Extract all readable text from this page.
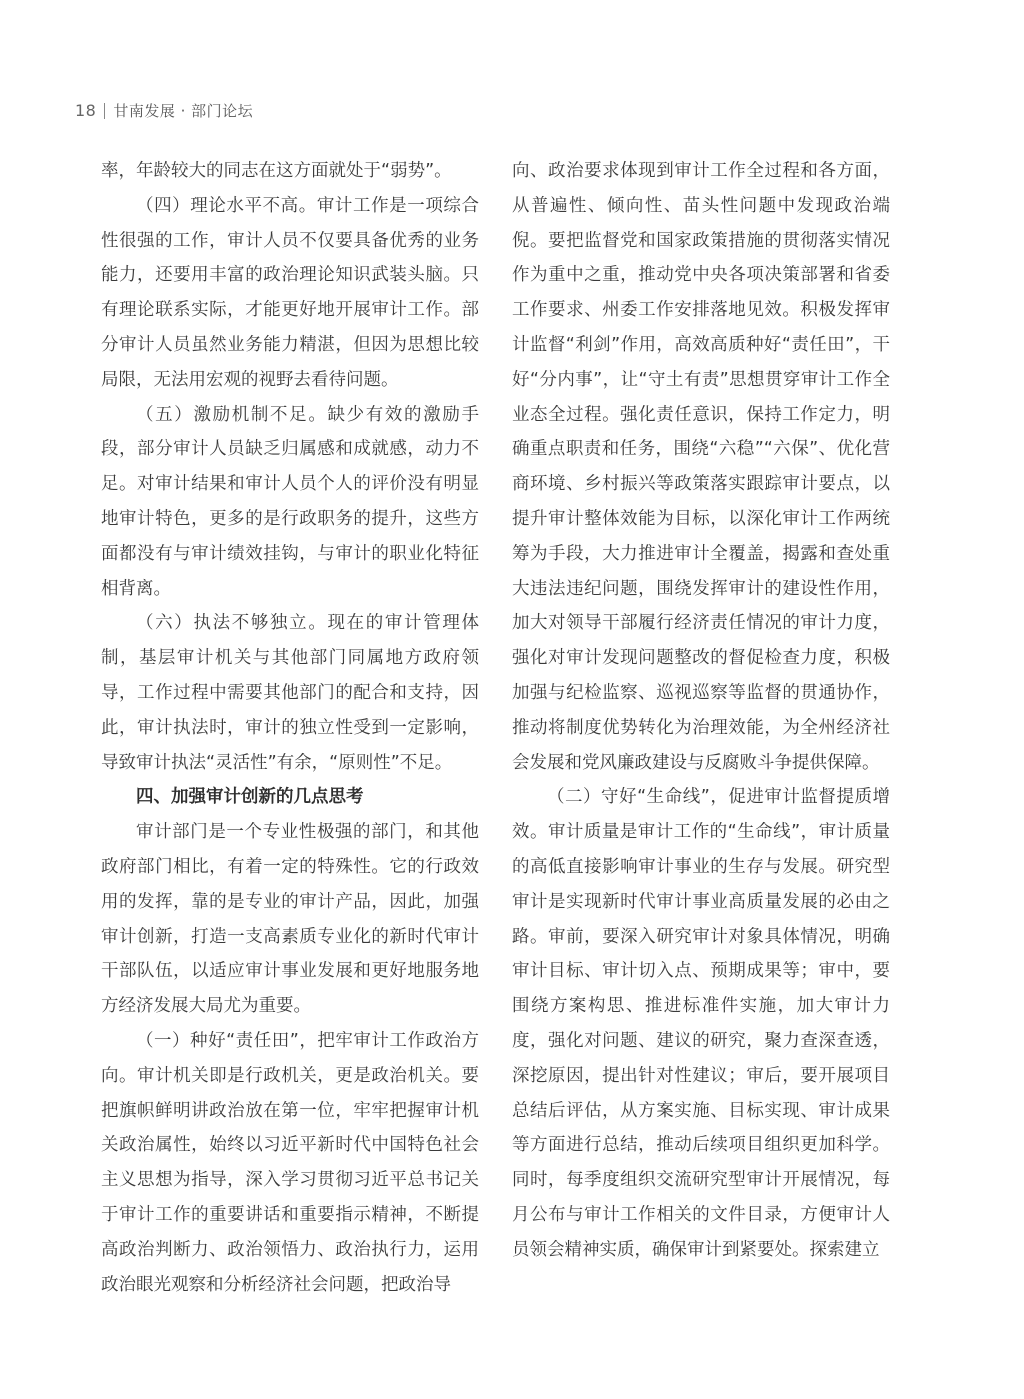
18 甘南发展 · 部门论坛

率，年龄较大的同志在这方面就处于“弱势”。

（四）理论水平不高。审计工作是一项综合性很强的工作，审计人员不仅要具备优秀的业务能力，还要用丰富的政治理论知识武装头脑。只有理论联系实际，才能更好地开展审计工作。部分审计人员虽然业务能力精湛，但因为思想比较局限，无法用宏观的视野去看待问题。

（五）激励机制不足。缺少有效的激励手段，部分审计人员缺乏归属感和成就感，动力不足。对审计结果和审计人员个人的评价没有明显地审计特色，更多的是行政职务的提升，这些方面都没有与审计绩效挂钩，与审计的职业化特征相背离。

（六）执法不够独立。现在的审计管理体制，基层审计机关与其他部门同属地方政府领导，工作过程中需要其他部门的配合和支持，因此，审计执法时，审计的独立性受到一定影响，导致审计执法“灵活性”有余，“原则性”不足。

四、加强审计创新的几点思考

审计部门是一个专业性极强的部门，和其他政府部门相比，有着一定的特殊性。它的行政效用的发挥，靠的是专业的审计产品，因此，加强审计创新，打造一支高素质专业化的新时代审计干部队伍，以适应审计事业发展和更好地服务地方经济发展大局尤为重要。

（一）种好“责任田”，把牢审计工作政治方向。审计机关即是行政机关，更是政治机关。要把旗帜鲜明讲政治放在第一位，牢牢把握审计机关政治属性，始终以习近平新时代中国特色社会主义思想为指导，深入学习贯彻习近平总书记关于审计工作的重要讲话和重要指示精神，不断提高政治判断力、政治领悟力、政治执行力，运用政治眼光观察和分析经济社会问题，把政治导

向、政治要求体现到审计工作全过程和各方面，从普遍性、倾向性、苗头性问题中发现政治端倪。要把监督党和国家政策措施的贯彻落实情况作为重中之重，推动党中央各项决策部署和省委工作要求、州委工作安排落地见效。积极发挥审计监督“利剑”作用，高效高质种好“责任田”，干好“分内事”，让“守土有责”思想贯穿审计工作全业态全过程。强化责任意识，保持工作定力，明确重点职责和任务，围绕“六稳”“六保”、优化营商环境、乡村振兴等政策落实跟踪审计要点，以提升审计整体效能为目标，以深化审计工作两统筹为手段，大力推进审计全覆盖，揭露和查处重大违法违纪问题，围绕发挥审计的建设性作用，加大对领导干部履行经济责任情况的审计力度，强化对审计发现问题整改的督促检查力度，积极加强与纪检监察、巡视巡察等监督的贯通协作，推动将制度优势转化为治理效能，为全州经济社会发展和党风廉政建设与反腐败斗争提供保障。

（二）守好“生命线”，促进审计监督提质增效。审计质量是审计工作的“生命线”，审计质量的高低直接影响审计事业的生存与发展。研究型审计是实现新时代审计事业高质量发展的必由之路。审前，要深入研究审计对象具体情况，明确审计目标、审计切入点、预期成果等；审中，要围绕方案构思、推进标准件实施，加大审计力度，强化对问题、建议的研究，聚力查深查透，深挖原因，提出针对性建议；审后，要开展项目总结后评估，从方案实施、目标实现、审计成果等方面进行总结，推动后续项目组织更加科学。同时，每季度组织交流研究型审计开展情况，每月公布与审计工作相关的文件目录，方便审计人员领会精神实质，确保审计到紧要处。探索建立
